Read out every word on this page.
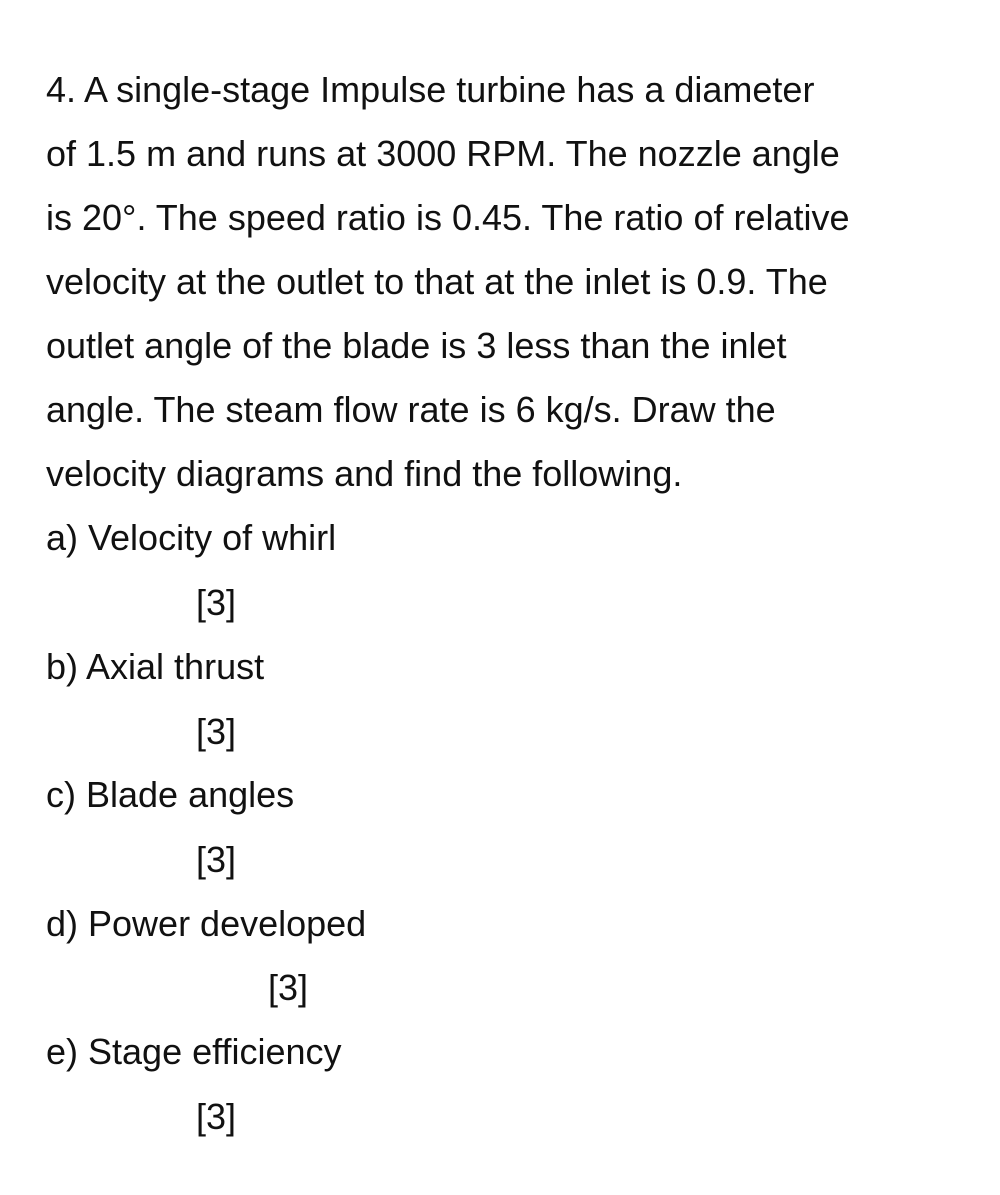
4. A single-stage Impulse turbine has a diameter
of 1.5 m and runs at 3000 RPM. The nozzle angle
is 20°. The speed ratio is 0.45. The ratio of relative
velocity at the outlet to that at the inlet is 0.9. The
outlet angle of the blade is 3 less than the inlet
angle. The steam flow rate is 6 kg/s. Draw the
velocity diagrams and find the following.
a) Velocity of whirl
[3]
b) Axial thrust
[3]
c) Blade angles
[3]
d) Power developed
[3]
e) Stage efficiency
[3]
